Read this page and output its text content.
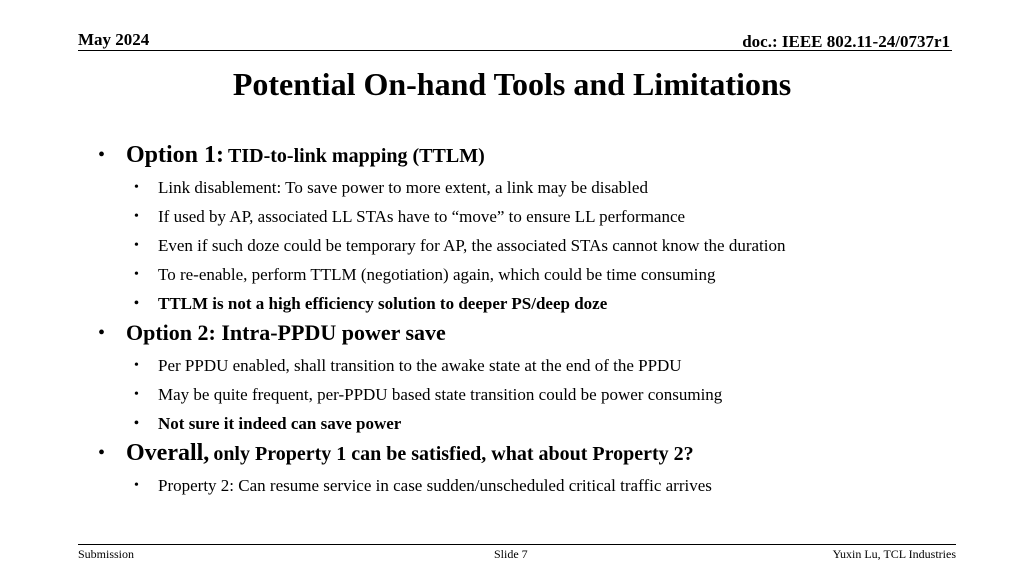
May 2024	doc.: IEEE 802.11-24/0737r1
Potential On-hand Tools and Limitations
• Option 1: TID-to-link mapping (TTLM)
• Link disablement: To save power to more extent, a link may be disabled
• If used by AP, associated LL STAs have to “move” to ensure LL performance
• Even if such doze could be temporary for AP, the associated STAs cannot know the duration
• To re-enable, perform TTLM (negotiation) again, which could be time consuming
• TTLM is not a high efficiency solution to deeper PS/deep doze
• Option 2: Intra-PPDU power save
• Per PPDU enabled, shall transition to the awake state at the end of the PPDU
• May be quite frequent, per-PPDU based state transition could be power consuming
• Not sure it indeed can save power
• Overall, only Property 1 can be satisfied, what about Property 2?
• Property 2: Can resume service in case sudden/unscheduled critical traffic arrives
Submission	Slide 7	Yuxin Lu, TCL Industries
